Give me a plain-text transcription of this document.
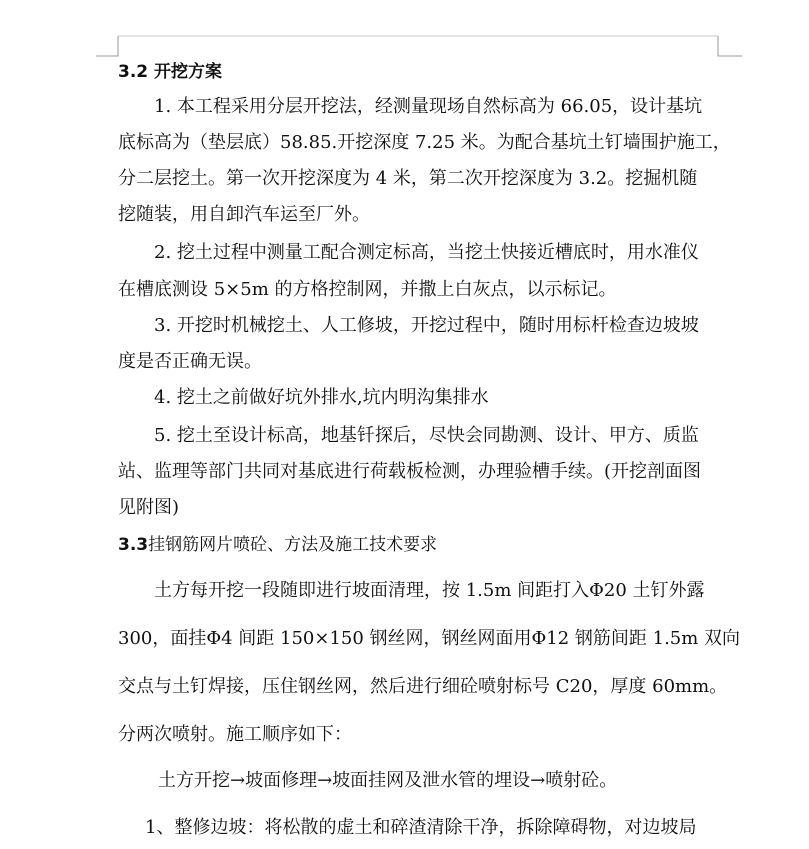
3.2 开挖方案
1. 本工程采用分层开挖法，经测量现场自然标高为 66.05，设计基坑
底标高为（垫层底）58.85.开挖深度 7.25 米。为配合基坑土钉墙围护施工，
分二层挖土。第一次开挖深度为 4 米，第二次开挖深度为 3.2。挖掘机随
挖随装，用自卸汽车运至厂外。
2. 挖土过程中测量工配合测定标高，当挖土快接近槽底时，用水准仪
在槽底测设 5×5m 的方格控制网，并撒上白灰点，以示标记。
3. 开挖时机械挖土、人工修坡，开挖过程中，随时用标杆检查边坡坡
度是否正确无误。
4. 挖土之前做好坑外排水,坑内明沟集排水
5. 挖土至设计标高，地基钎探后，尽快会同勘测、设计、甲方、质监
站、监理等部门共同对基底进行荷载板检测，办理验槽手续。(开挖剖面图
见附图)
3.3挂钢筋网片喷砼、方法及施工技术要求
土方每开挖一段随即进行坡面清理，按 1.5m 间距打入Φ20 土钉外露
300，面挂Φ4 间距 150×150 钢丝网，钢丝网面用Φ12 钢筋间距 1.5m 双向
交点与土钉焊接，压住钢丝网，然后进行细砼喷射标号 C20，厚度 60mm。
分两次喷射。施工顺序如下：
土方开挖→坡面修理→坡面挂网及泄水管的埋设→喷射砼。
1、整修边坡：将松散的虚土和碎渣清除干净，拆除障碍物，对边坡局
